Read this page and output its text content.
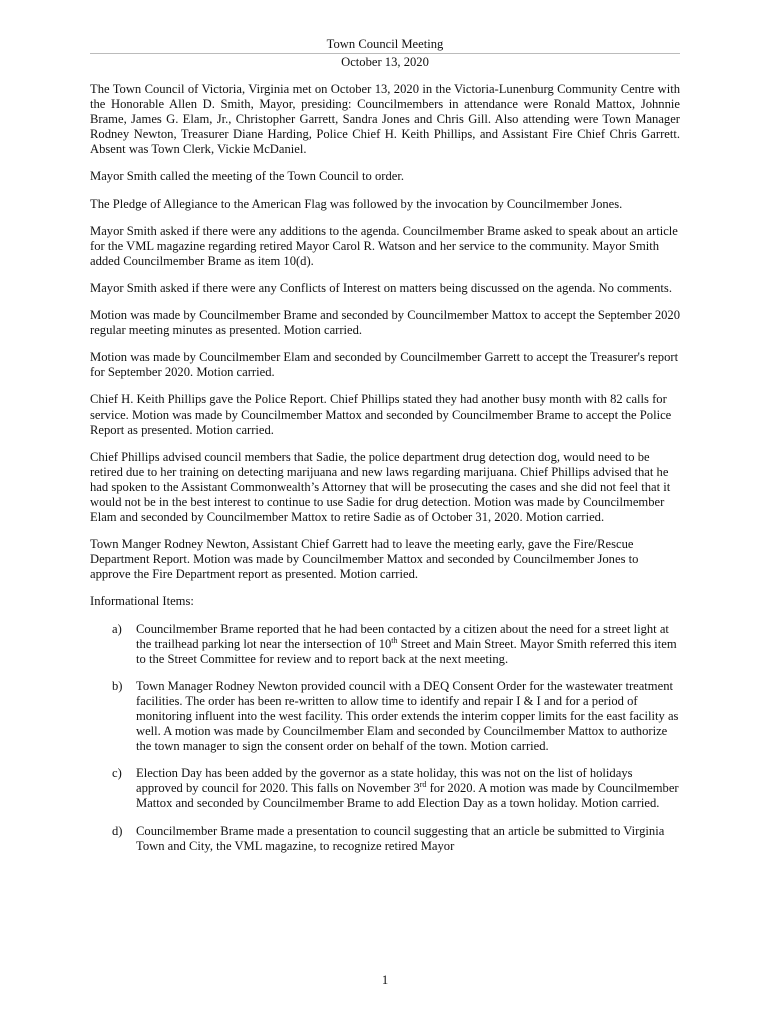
Town Council Meeting
October 13, 2020

The Town Council of Victoria, Virginia met on October 13, 2020 in the Victoria-Lunenburg Community Centre with the Honorable Allen D. Smith, Mayor, presiding: Councilmembers in attendance were Ronald Mattox, Johnnie Brame, James G. Elam, Jr., Christopher Garrett, Sandra Jones and Chris Gill. Also attending were Town Manager Rodney Newton, Treasurer Diane Harding, Police Chief H. Keith Phillips, and Assistant Fire Chief Chris Garrett. Absent was Town Clerk, Vickie McDaniel.

Mayor Smith called the meeting of the Town Council to order.

The Pledge of Allegiance to the American Flag was followed by the invocation by Councilmember Jones.

Mayor Smith asked if there were any additions to the agenda. Councilmember Brame asked to speak about an article for the VML magazine regarding retired Mayor Carol R. Watson and her service to the community. Mayor Smith added Councilmember Brame as item 10(d).

Mayor Smith asked if there were any Conflicts of Interest on matters being discussed on the agenda. No comments.

Motion was made by Councilmember Brame and seconded by Councilmember Mattox to accept the September 2020 regular meeting minutes as presented. Motion carried.

Motion was made by Councilmember Elam and seconded by Councilmember Garrett to accept the Treasurer's report for September 2020. Motion carried.

Chief H. Keith Phillips gave the Police Report. Chief Phillips stated they had another busy month with 82 calls for service. Motion was made by Councilmember Mattox and seconded by Councilmember Brame to accept the Police Report as presented. Motion carried.

Chief Phillips advised council members that Sadie, the police department drug detection dog, would need to be retired due to her training on detecting marijuana and new laws regarding marijuana. Chief Phillips advised that he had spoken to the Assistant Commonwealth’s Attorney that will be prosecuting the cases and she did not feel that it would not be in the best interest to continue to use Sadie for drug detection. Motion was made by Councilmember Elam and seconded by Councilmember Mattox to retire Sadie as of October 31, 2020. Motion carried.

Town Manger Rodney Newton, Assistant Chief Garrett had to leave the meeting early, gave the Fire/Rescue Department Report. Motion was made by Councilmember Mattox and seconded by Councilmember Jones to approve the Fire Department report as presented. Motion carried.

Informational Items:

a) Councilmember Brame reported that he had been contacted by a citizen about the need for a street light at the trailhead parking lot near the intersection of 10th Street and Main Street. Mayor Smith referred this item to the Street Committee for review and to report back at the next meeting.
b) Town Manager Rodney Newton provided council with a DEQ Consent Order for the wastewater treatment facilities. The order has been re-written to allow time to identify and repair I & I and for a period of monitoring influent into the west facility. This order extends the interim copper limits for the east facility as well. A motion was made by Councilmember Elam and seconded by Councilmember Mattox to authorize the town manager to sign the consent order on behalf of the town. Motion carried.
c) Election Day has been added by the governor as a state holiday, this was not on the list of holidays approved by council for 2020. This falls on November 3rd for 2020. A motion was made by Councilmember Mattox and seconded by Councilmember Brame to add Election Day as a town holiday. Motion carried.
d) Councilmember Brame made a presentation to council suggesting that an article be submitted to Virginia Town and City, the VML magazine, to recognize retired Mayor
1
